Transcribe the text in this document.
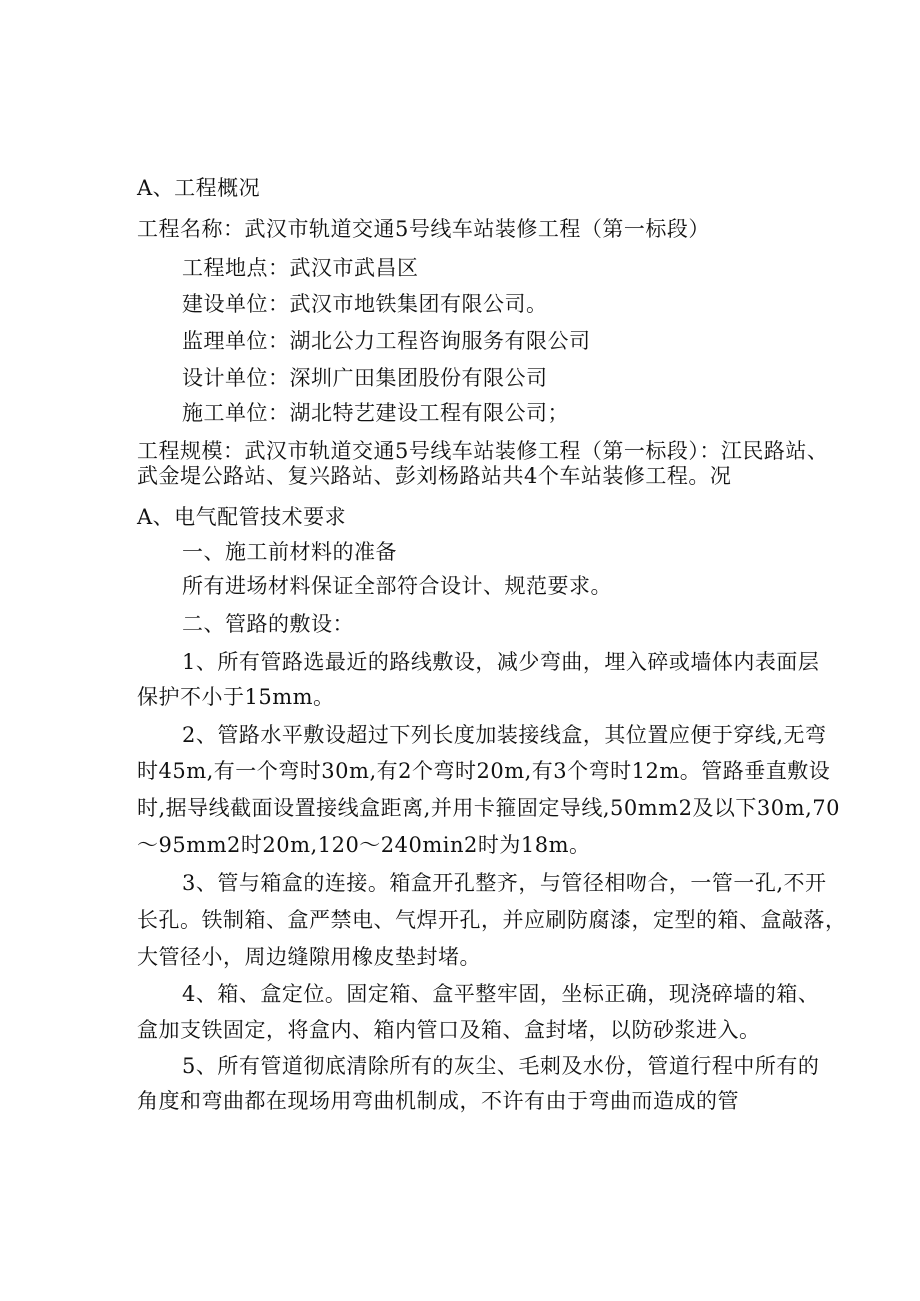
A、工程概况
工程名称：武汉市轨道交通5号线车站装修工程（第一标段）
工程地点：武汉市武昌区
建设单位：武汉市地铁集团有限公司。
监理单位：湖北公力工程咨询服务有限公司
设计单位：深圳广田集团股份有限公司
施工单位：湖北特艺建设工程有限公司；
工程规模：武汉市轨道交通5号线车站装修工程（第一标段）：江民路站、
武金堤公路站、复兴路站、彭刘杨路站共4个车站装修工程。况
A、电气配管技术要求
一、施工前材料的准备
所有进场材料保证全部符合设计、规范要求。
二、管路的敷设：
1、所有管路选最近的路线敷设，减少弯曲，埋入碎或墙体内表面层
保护不小于15mm。
2、管路水平敷设超过下列长度加装接线盒，其位置应便于穿线,无弯
时45m,有一个弯时30m,有2个弯时20m,有3个弯时12m。管路垂直敷设
时,据导线截面设置接线盒距离,并用卡箍固定导线,50mm2及以下30m,70
～95mm2时20m,120～240min2时为18m。
3、管与箱盒的连接。箱盒开孔整齐，与管径相吻合，一管一孔,不开
长孔。铁制箱、盒严禁电、气焊开孔，并应刷防腐漆，定型的箱、盒敲落，
大管径小，周边缝隙用橡皮垫封堵。
4、箱、盒定位。固定箱、盒平整牢固，坐标正确，现浇碎墙的箱、
盒加支铁固定，将盒内、箱内管口及箱、盒封堵，以防砂浆进入。
5、所有管道彻底清除所有的灰尘、毛刺及水份，管道行程中所有的
角度和弯曲都在现场用弯曲机制成，不许有由于弯曲而造成的管
